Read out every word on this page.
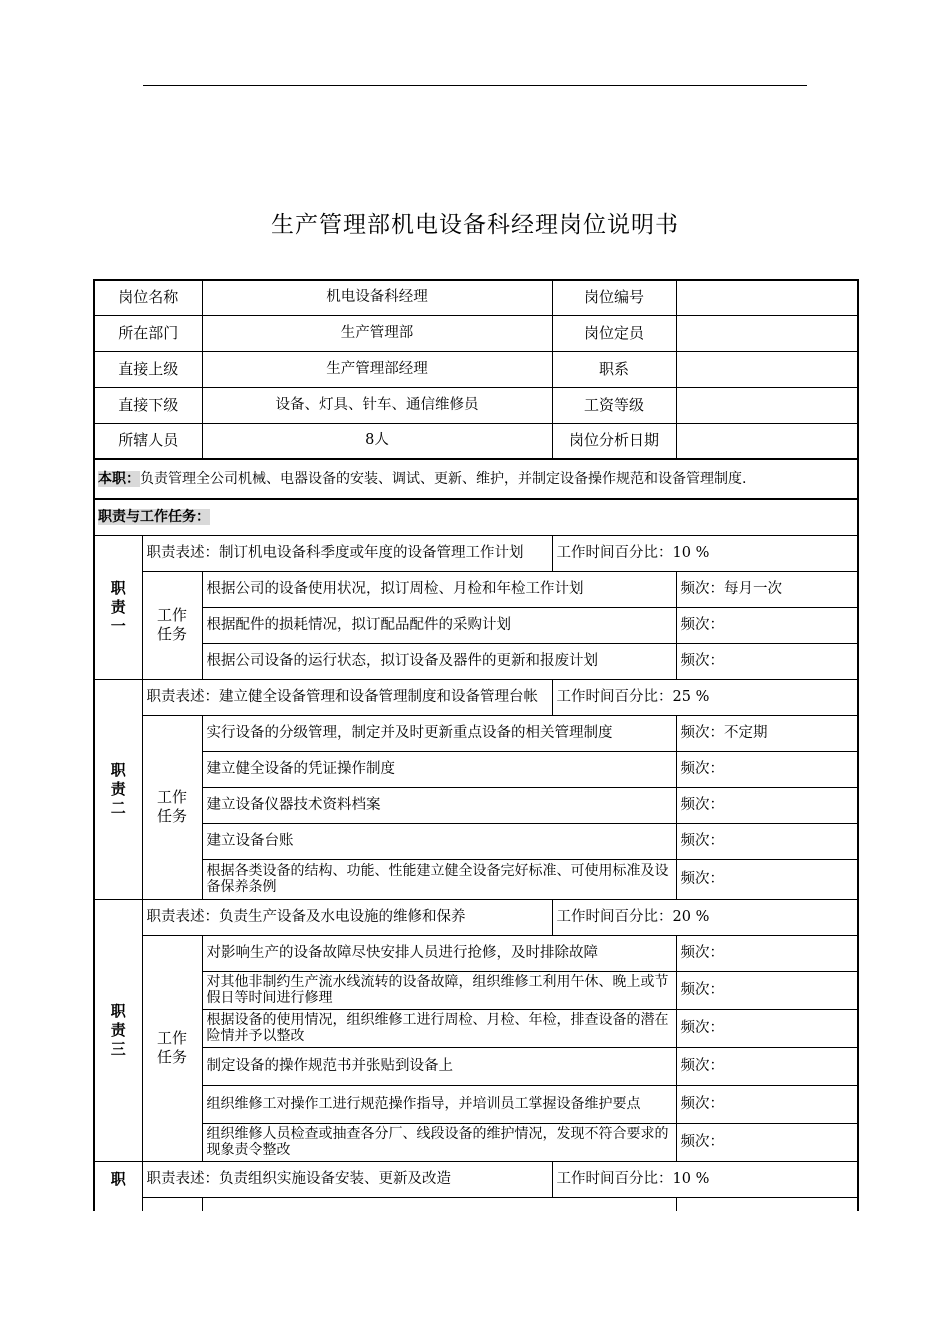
生产管理部机电设备科经理岗位说明书
岗位名称		机电设备科经理	岗位编号	
所在部门		生产管理部	岗位定员	
直接上级		生产管理部经理	职系	
直接下级		设备、灯具、针车、通信维修员	工资等级	
所辖人员		8人	岗位分析日期	
本职：负责管理全公司机械、电器设备的安装、调试、更新、维护，并制定设备操作规范和设备管理制度.				
职责与工作任务：				
职责一	职责表述：制订机电设备科季度或年度的设备管理工作计划		工作时间百分比：10 %	
	工作任务	根据公司的设备使用状况，拟订周检、月检和年检工作计划		频次：每月一次
		根据配件的损耗情况，拟订配品配件的采购计划		频次：
		根据公司设备的运行状态，拟订设备及器件的更新和报废计划		频次：
职责二	职责表述：建立健全设备管理和设备管理制度和设备管理台帐		工作时间百分比：25 %	
	工作任务	实行设备的分级管理，制定并及时更新重点设备的相关管理制度		频次：不定期
		建立健全设备的凭证操作制度		频次：
		建立设备仪器技术资料档案		频次：
		建立设备台账		频次：
		根据各类设备的结构、功能、性能建立健全设备完好标准、可使用标准及设备保养条例		频次：
职责三	职责表述：负责生产设备及水电设施的维修和保养		工作时间百分比：20 %	
	工作任务	对影响生产的设备故障尽快安排人员进行抢修，及时排除故障		频次：
		对其他非制约生产流水线流转的设备故障，组织维修工利用午休、晚上或节假日等时间进行修理		频次：
		根据设备的使用情况，组织维修工进行周检、月检、年检，排查设备的潜在险情并予以整改		频次：
		制定设备的操作规范书并张贴到设备上		频次：
		组织维修工对操作工进行规范操作指导，并培训员工掌握设备维护要点		频次：
		组织维修人员检查或抽查各分厂、线段设备的维护情况，发现不符合要求的现象责令整改		频次：
职	职责表述：负责组织实施设备安装、更新及改造		工作时间百分比：10 %	
